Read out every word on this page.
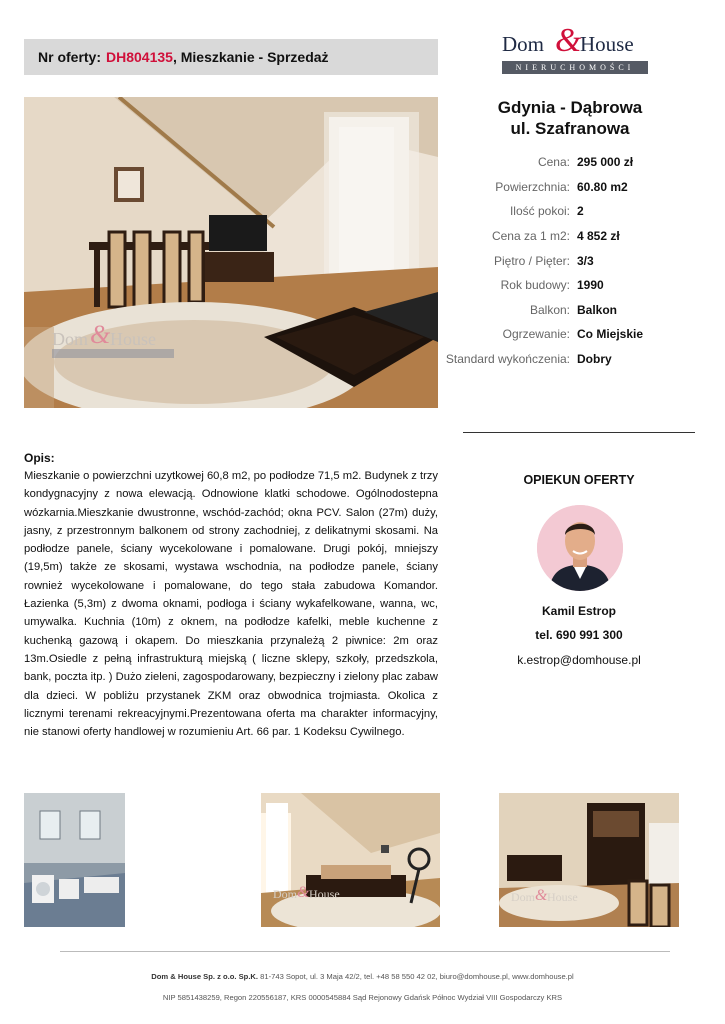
Nr oferty: DH804135 , Mieszkanie - Sprzedaż
Dom &
House
NIERUCHOMOŚCI
Dom & House
Gdynia - Dąbrowa
ul. Szafranowa
Cena: 295 000 zł
Powierzchnia: 60.80 m2
Ilość pokoi: 2
Cena za 1 m2: 4 852 zł
Piętro / Pięter: 3/3
Rok budowy: 1990
Balkon: Balkon
Ogrzewanie: Co Miejskie
Standard wykończenia: Dobry
Opis:
Mieszkanie o powierzchni uzytkowej 60,8 m2, po podłodze 71,5 m2. Budynek z trzy kondygnacyjny z nowa elewacją. Odnowione klatki schodowe. Ogólnodostepna wózkarnia.Mieszkanie dwustronne, wschód-zachód; okna PCV. Salon (27m) duży, jasny, z przestronnym balkonem od strony zachodniej, z delikatnymi skosami. Na podłodze panele, ściany wycekolowane i pomalowane. Drugi pokój, mniejszy (19,5m) także ze skosami, wystawa wschodnia, na podłodze panele, ściany rownież wycekolowane i pomalowane, do tego stała zabudowa Komandor. Łazienka (5,3m) z dwoma oknami, podłoga i ściany wykafelkowane, wanna, wc, umywalka. Kuchnia (10m) z oknem, na podłodze kafelki, meble kuchenne z kuchenką gazową i okapem. Do mieszkania przynależą 2 piwnice: 2m oraz 13m.Osiedle z pełną infrastrukturą miejską ( liczne sklepy, szkoły, przedszkola, bank, poczta itp. ) Dużo zieleni, zagospodarowany, bezpieczny i zielony plac zabaw dla dzieci. W pobliżu przystanek ZKM oraz obwodnica trojmiasta. Okolica z licznymi terenami rekreacyjnymi.Prezentowana oferta ma charakter informacyjny, nie stanowi oferty handlowej w rozumieniu Art. 66 par. 1 Kodeksu Cywilnego.
OPIEKUN OFERTY
Kamil Estrop
tel. 690 991 300
k.estrop@domhouse.pl
Dom & House	Dom & House
Dom & House Sp. z o.o. Sp.K. 81-743 Sopot, ul. 3 Maja 42/2, tel. +48 58 550 42 02, biuro@domhouse.pl, www.domhouse.pl
NIP 5851438259, Regon 220556187, KRS 0000545884 Sąd Rejonowy Gdańsk Północ Wydział VIII Gospodarczy KRS
